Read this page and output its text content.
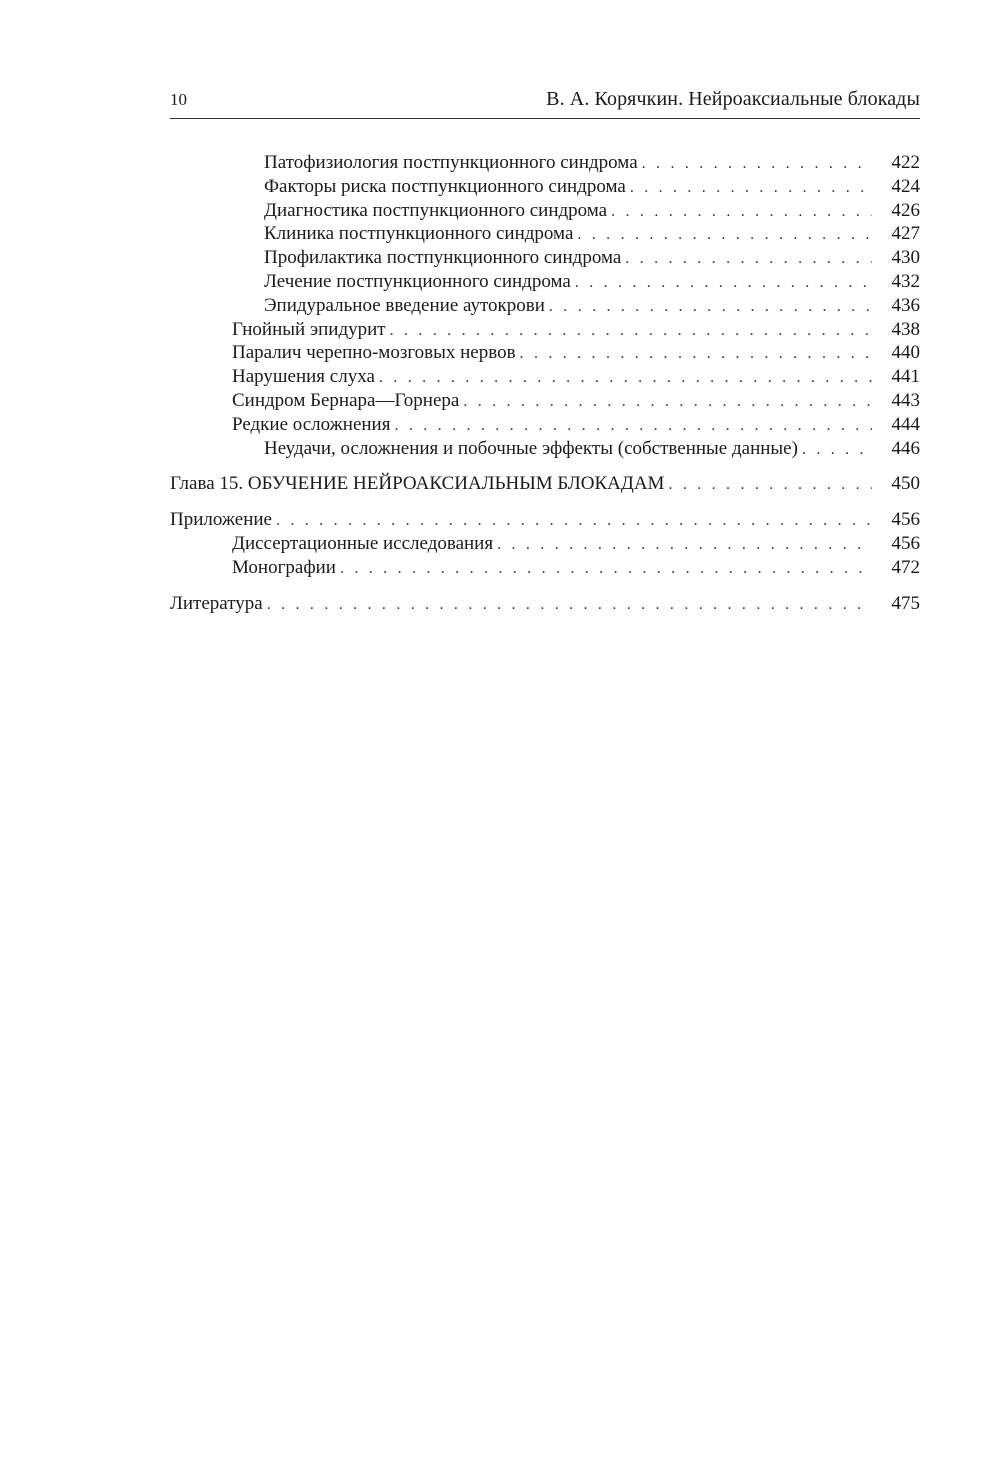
10	В. А. Корячкин. Нейроаксиальные блокады
Патофизиология постпункционного синдрома . . .	422
Факторы риска постпункционного синдрома . . .	424
Диагностика постпункционного синдрома . . .	426
Клиника постпункционного синдрома . . .	427
Профилактика постпункционного синдрома . . .	430
Лечение постпункционного синдрома . . .	432
Эпидуральное введение аутокрови . . .	436
Гнойный эпидурит . . .	438
Паралич черепно-мозговых нервов . . .	440
Нарушения слуха . . .	441
Синдром Бернара—Горнера . . .	443
Редкие осложнения . . .	444
Неудачи, осложнения и побочные эффекты (собственные данные) . . .	446
Глава 15. ОБУЧЕНИЕ НЕЙРОАКСИАЛЬНЫМ БЛОКАДАМ . . .	450
Приложение . . .	456
Диссертационные исследования . . .	456
Монографии . . .	472
Литература . . .	475
